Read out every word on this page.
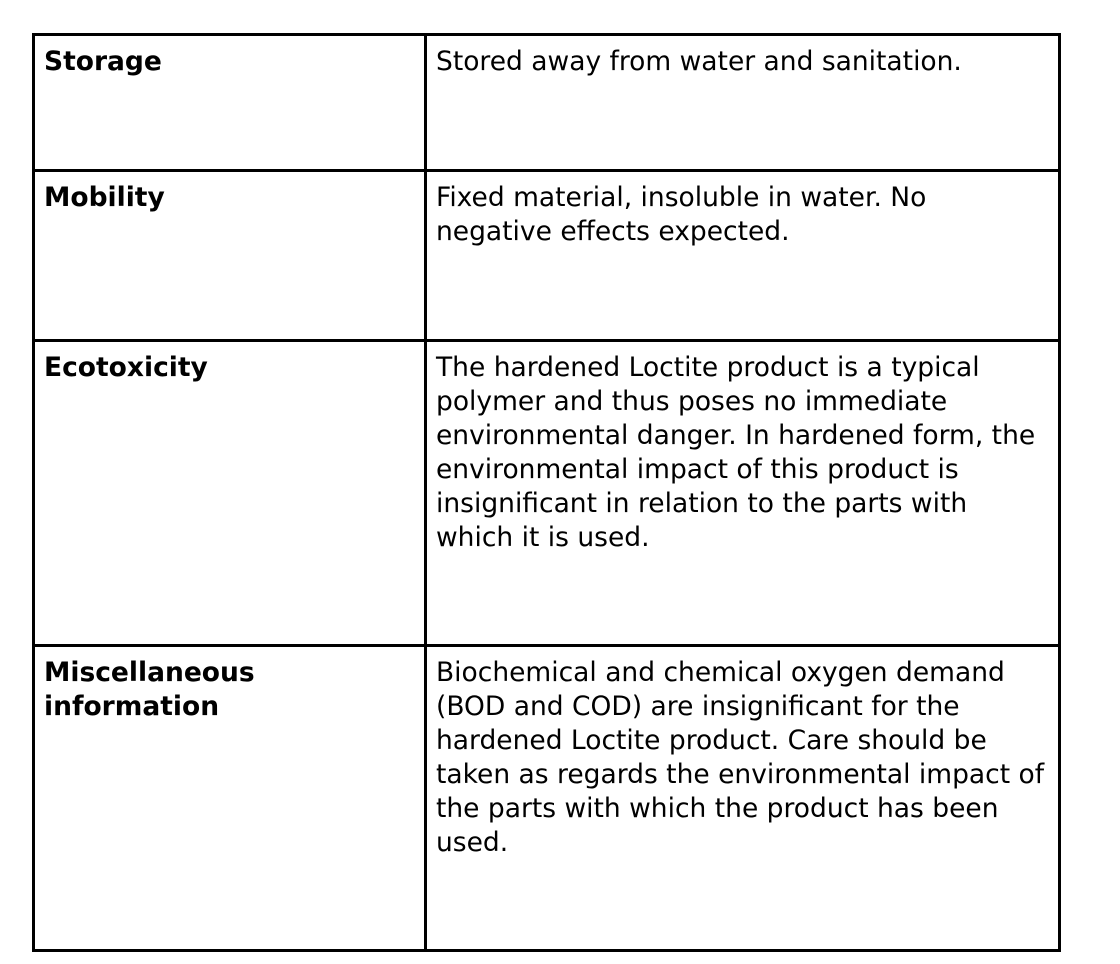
Storage	Stored away from water and sanitation.

Mobility	Fixed material, insoluble in water. No negative effects expected.

Ecotoxicity	The hardened Loctite product is a typical polymer and thus poses no immediate environmental danger. In hardened form, the environmental impact of this product is insignificant in relation to the parts with which it is used.

Miscellaneous information	Biochemical and chemical oxygen demand (BOD and COD) are insignificant for the hardened Loctite product. Care should be taken as regards the environmental impact of the parts with which the product has been used.
